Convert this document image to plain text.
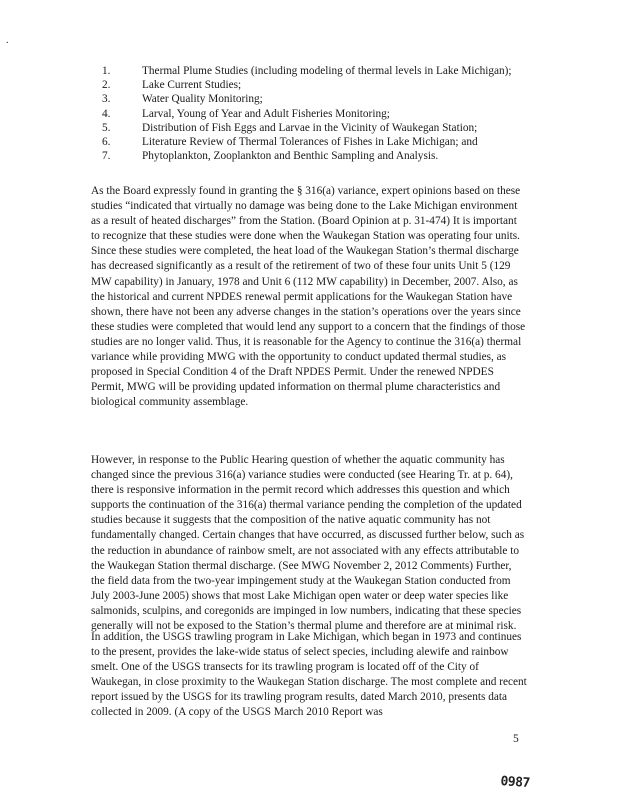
.
1.	Thermal Plume Studies (including modeling of thermal levels in Lake Michigan);
2.	Lake Current Studies;
3.	Water Quality Monitoring;
4.	Larval, Young of Year and Adult Fisheries Monitoring;
5.	Distribution of Fish Eggs and Larvae in the Vicinity of Waukegan Station;
6.	Literature Review of Thermal Tolerances of Fishes in Lake Michigan; and
7.	Phytoplankton, Zooplankton and Benthic Sampling and Analysis.

As the Board expressly found in granting the § 316(a) variance, expert opinions based on these studies “indicated that virtually no damage was being done to the Lake Michigan environment as a result of heated discharges” from the Station. (Board Opinion at p. 31-474) It is important to recognize that these studies were done when the Waukegan Station was operating four units. Since these studies were completed, the heat load of the Waukegan Station’s thermal discharge has decreased significantly as a result of the retirement of two of these four units Unit 5 (129 MW capability) in January, 1978 and Unit 6 (112 MW capability) in December, 2007. Also, as the historical and current NPDES renewal permit applications for the Waukegan Station have shown, there have not been any adverse changes in the station’s operations over the years since these studies were completed that would lend any support to a concern that the findings of those studies are no longer valid. Thus, it is reasonable for the Agency to continue the 316(a) thermal variance while providing MWG with the opportunity to conduct updated thermal studies, as proposed in Special Condition 4 of the Draft NPDES Permit. Under the renewed NPDES Permit, MWG will be providing updated information on thermal plume characteristics and biological community assemblage.

However, in response to the Public Hearing question of whether the aquatic community has changed since the previous 316(a) variance studies were conducted (see Hearing Tr. at p. 64), there is responsive information in the permit record which addresses this question and which supports the continuation of the 316(a) thermal variance pending the completion of the updated studies because it suggests that the composition of the native aquatic community has not fundamentally changed. Certain changes that have occurred, as discussed further below, such as the reduction in abundance of rainbow smelt, are not associated with any effects attributable to the Waukegan Station thermal discharge. (See MWG November 2, 2012 Comments) Further, the field data from the two-year impingement study at the Waukegan Station conducted from July 2003-June 2005) shows that most Lake Michigan open water or deep water species like salmonids, sculpins, and coregonids are impinged in low numbers, indicating that these species generally will not be exposed to the Station’s thermal plume and therefore are at minimal risk.

In addition, the USGS trawling program in Lake Michigan, which began in 1973 and continues to the present, provides the lake-wide status of select species, including alewife and rainbow smelt. One of the USGS transects for its trawling program is located off of the City of Waukegan, in close proximity to the Waukegan Station discharge. The most complete and recent report issued by the USGS for its trawling program results, dated March 2010, presents data collected in 2009. (A copy of the USGS March 2010 Report was

5
0987
